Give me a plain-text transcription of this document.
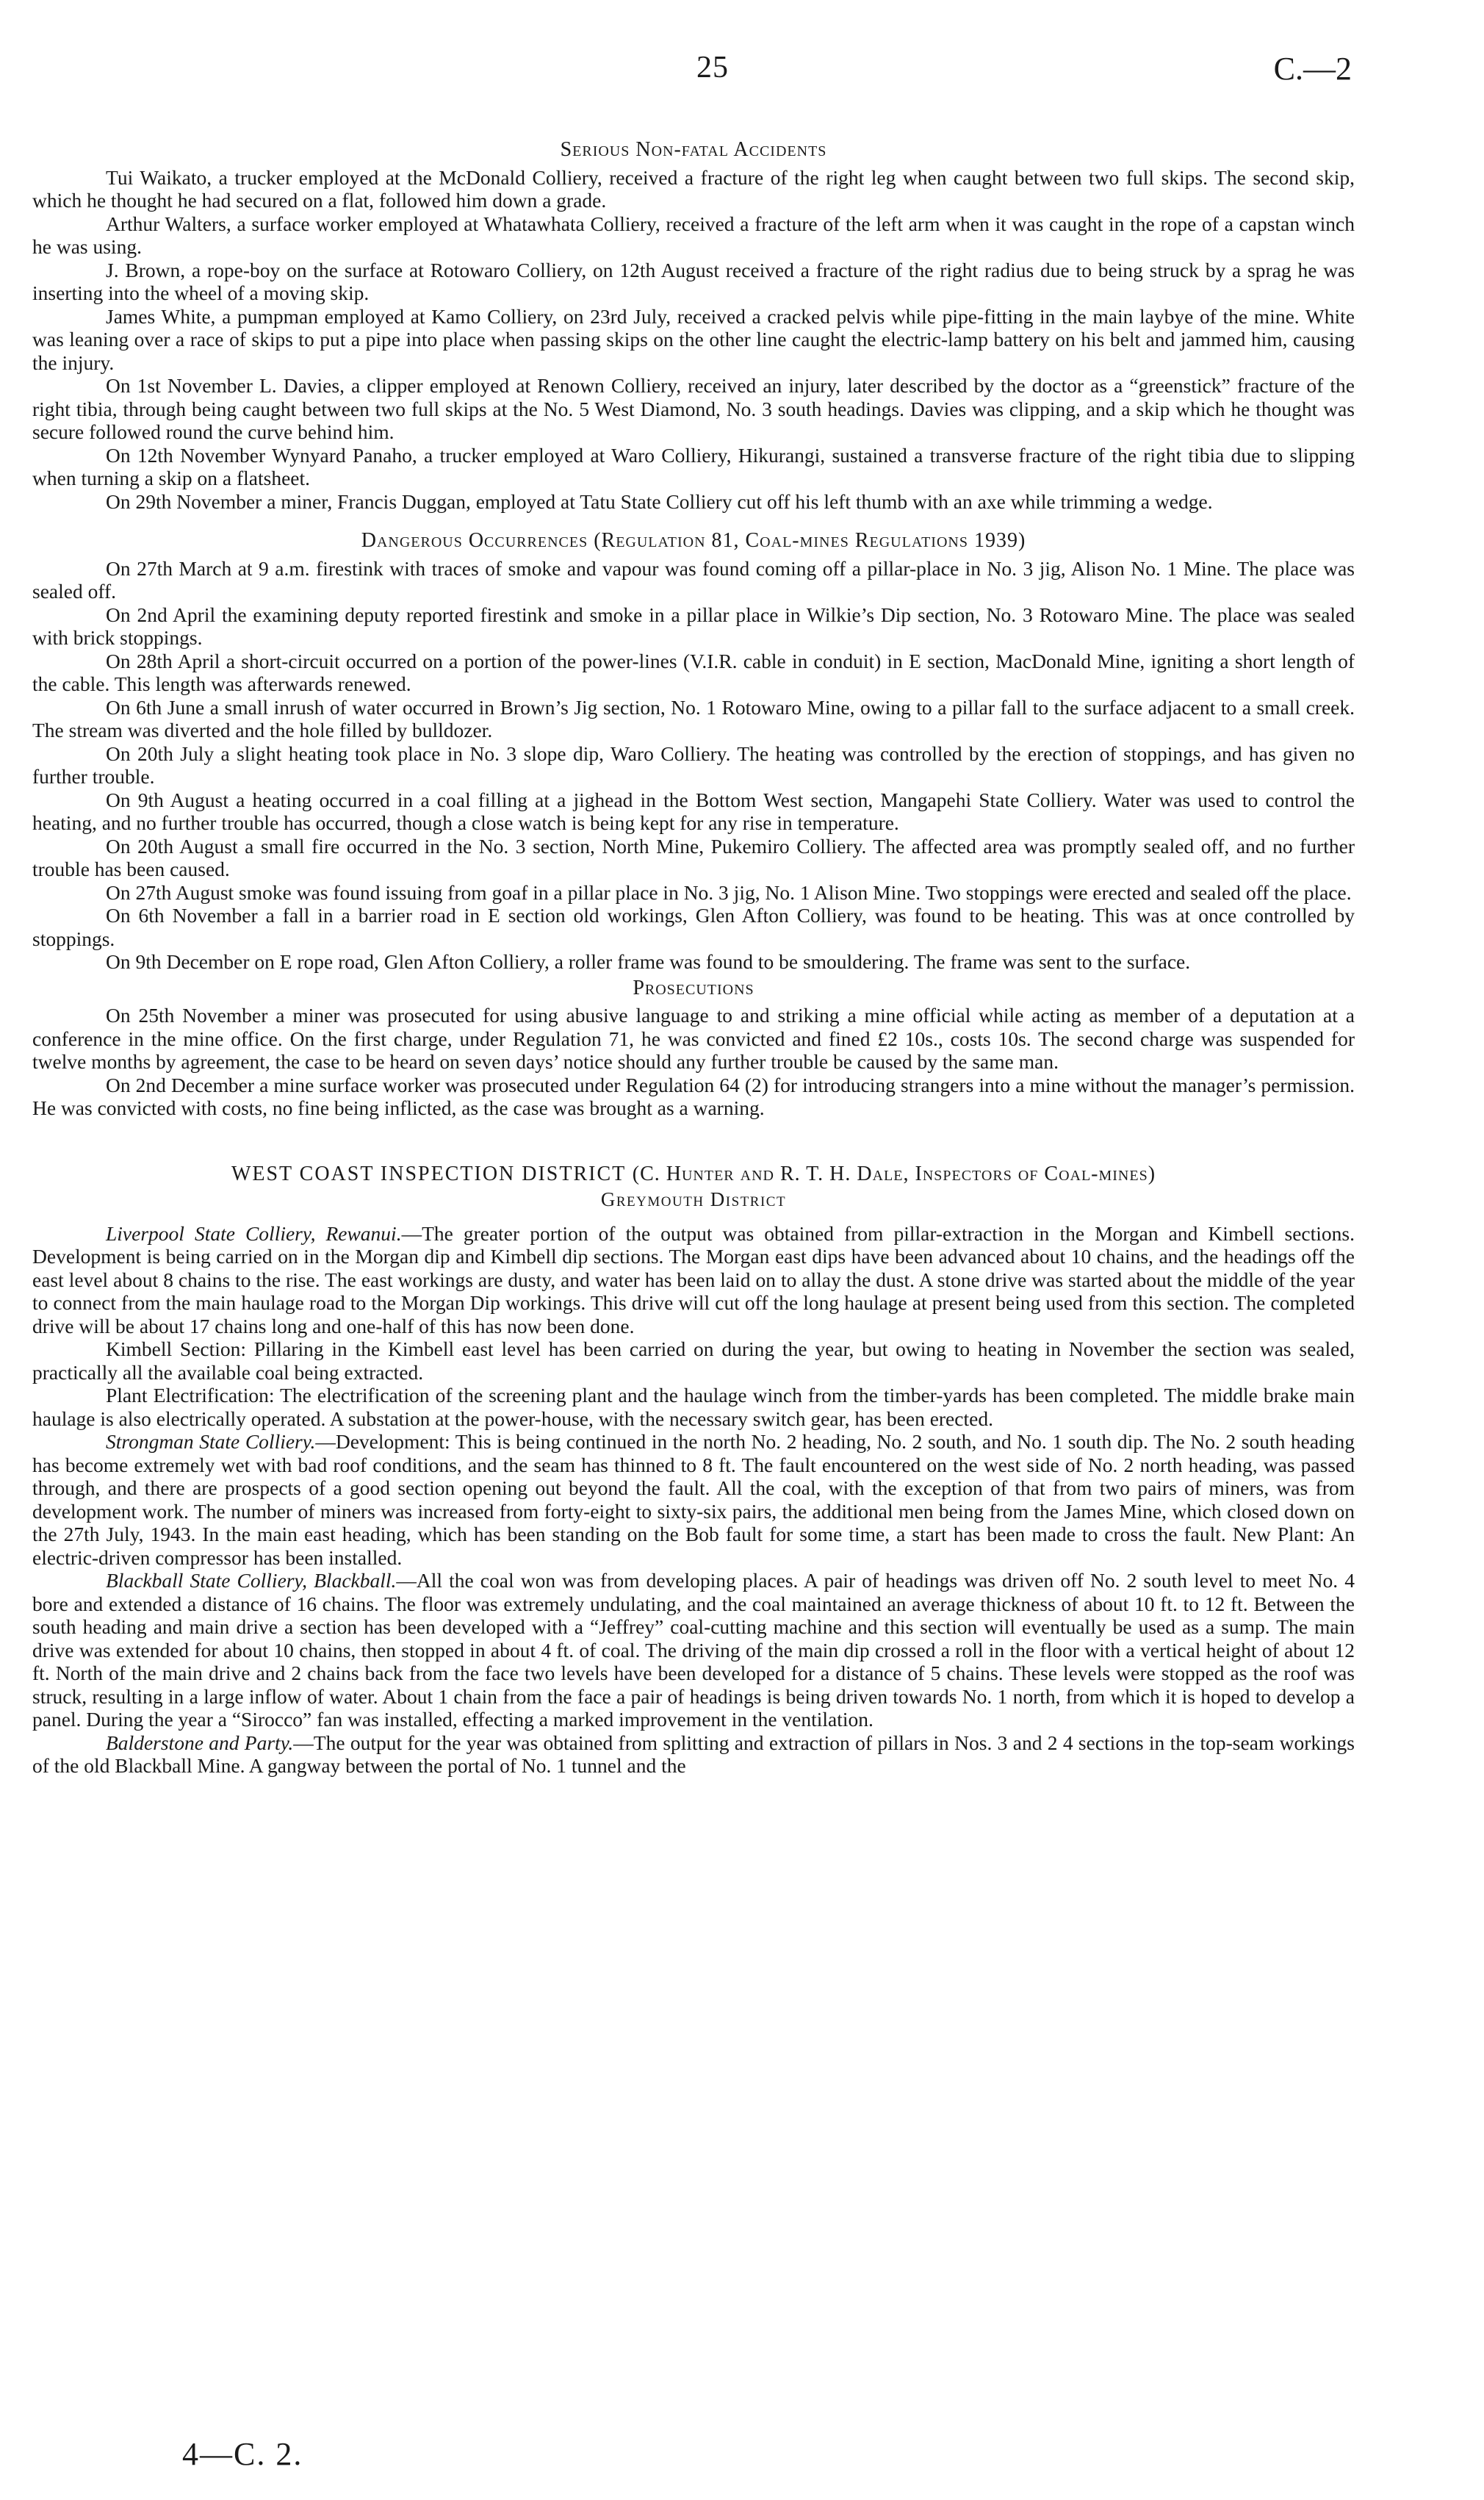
25	C.—2
Serious Non-fatal Accidents

Tui Waikato, a trucker employed at the McDonald Colliery, received a fracture of the right leg when caught between two full skips. The second skip, which he thought he had secured on a flat, followed him down a grade.

Arthur Walters, a surface worker employed at Whatawhata Colliery, received a fracture of the left arm when it was caught in the rope of a capstan winch he was using.

J. Brown, a rope-boy on the surface at Rotowaro Colliery, on 12th August received a fracture of the right radius due to being struck by a sprag he was inserting into the wheel of a moving skip.

James White, a pumpman employed at Kamo Colliery, on 23rd July, received a cracked pelvis while pipe-fitting in the main laybye of the mine. White was leaning over a race of skips to put a pipe into place when passing skips on the other line caught the electric-lamp battery on his belt and jammed him, causing the injury.

On 1st November L. Davies, a clipper employed at Renown Colliery, received an injury, later described by the doctor as a “greenstick” fracture of the right tibia, through being caught between two full skips at the No. 5 West Diamond, No. 3 south headings. Davies was clipping, and a skip which he thought was secure followed round the curve behind him.

On 12th November Wynyard Panaho, a trucker employed at Waro Colliery, Hikurangi, sustained a transverse fracture of the right tibia due to slipping when turning a skip on a flatsheet.

On 29th November a miner, Francis Duggan, employed at Tatu State Colliery cut off his left thumb with an axe while trimming a wedge.

Dangerous Occurrences (Regulation 81, Coal-mines Regulations 1939)

On 27th March at 9 a.m. firestink with traces of smoke and vapour was found coming off a pillar-place in No. 3 jig, Alison No. 1 Mine. The place was sealed off.

On 2nd April the examining deputy reported firestink and smoke in a pillar place in Wilkie’s Dip section, No. 3 Rotowaro Mine. The place was sealed with brick stoppings.

On 28th April a short-circuit occurred on a portion of the power-lines (V.I.R. cable in conduit) in E section, MacDonald Mine, igniting a short length of the cable. This length was afterwards renewed.

On 6th June a small inrush of water occurred in Brown’s Jig section, No. 1 Rotowaro Mine, owing to a pillar fall to the surface adjacent to a small creek. The stream was diverted and the hole filled by bulldozer.

On 20th July a slight heating took place in No. 3 slope dip, Waro Colliery. The heating was controlled by the erection of stoppings, and has given no further trouble.

On 9th August a heating occurred in a coal filling at a jighead in the Bottom West section, Mangapehi State Colliery. Water was used to control the heating, and no further trouble has occurred, though a close watch is being kept for any rise in temperature.

On 20th August a small fire occurred in the No. 3 section, North Mine, Pukemiro Colliery. The affected area was promptly sealed off, and no further trouble has been caused.

On 27th August smoke was found issuing from goaf in a pillar place in No. 3 jig, No. 1 Alison Mine. Two stoppings were erected and sealed off the place.

On 6th November a fall in a barrier road in E section old workings, Glen Afton Colliery, was found to be heating. This was at once controlled by stoppings.

On 9th December on E rope road, Glen Afton Colliery, a roller frame was found to be smouldering. The frame was sent to the surface.

Prosecutions

On 25th November a miner was prosecuted for using abusive language to and striking a mine official while acting as member of a deputation at a conference in the mine office. On the first charge, under Regulation 71, he was convicted and fined £2 10s., costs 10s. The second charge was suspended for twelve months by agreement, the case to be heard on seven days’ notice should any further trouble be caused by the same man.

On 2nd December a mine surface worker was prosecuted under Regulation 64 (2) for introducing strangers into a mine without the manager’s permission. He was convicted with costs, no fine being inflicted, as the case was brought as a warning.

WEST COAST INSPECTION DISTRICT (C. Hunter and R. T. H. Dale, Inspectors of Coal-mines)
Greymouth District

Liverpool State Colliery, Rewanui.—The greater portion of the output was obtained from pillar-extraction in the Morgan and Kimbell sections. Development is being carried on in the Morgan dip and Kimbell dip sections. The Morgan east dips have been advanced about 10 chains, and the headings off the east level about 8 chains to the rise. The east workings are dusty, and water has been laid on to allay the dust. A stone drive was started about the middle of the year to connect from the main haulage road to the Morgan Dip workings. This drive will cut off the long haulage at present being used from this section. The completed drive will be about 17 chains long and one-half of this has now been done.

Kimbell Section: Pillaring in the Kimbell east level has been carried on during the year, but owing to heating in November the section was sealed, practically all the available coal being extracted.

Plant Electrification: The electrification of the screening plant and the haulage winch from the timber-yards has been completed. The middle brake main haulage is also electrically operated. A substation at the power-house, with the necessary switch gear, has been erected.

Strongman State Colliery.—Development: This is being continued in the north No. 2 heading, No. 2 south, and No. 1 south dip. The No. 2 south heading has become extremely wet with bad roof conditions, and the seam has thinned to 8 ft. The fault encountered on the west side of No. 2 north heading, was passed through, and there are prospects of a good section opening out beyond the fault. All the coal, with the exception of that from two pairs of miners, was from development work. The number of miners was increased from forty-eight to sixty-six pairs, the additional men being from the James Mine, which closed down on the 27th July, 1943. In the main east heading, which has been standing on the Bob fault for some time, a start has been made to cross the fault. New Plant: An electric-driven compressor has been installed.

Blackball State Colliery, Blackball.—All the coal won was from developing places. A pair of headings was driven off No. 2 south level to meet No. 4 bore and extended a distance of 16 chains. The floor was extremely undulating, and the coal maintained an average thickness of about 10 ft. to 12 ft. Between the south heading and main drive a section has been developed with a “Jeffrey” coal-cutting machine and this section will eventually be used as a sump. The main drive was extended for about 10 chains, then stopped in about 4 ft. of coal. The driving of the main dip crossed a roll in the floor with a vertical height of about 12 ft. North of the main drive and 2 chains back from the face two levels have been developed for a distance of 5 chains. These levels were stopped as the roof was struck, resulting in a large inflow of water. About 1 chain from the face a pair of headings is being driven towards No. 1 north, from which it is hoped to develop a panel. During the year a “Sirocco” fan was installed, effecting a marked improvement in the ventilation.

Balderstone and Party.—The output for the year was obtained from splitting and extraction of pillars in Nos. 3 and 2 4 sections in the top-seam workings of the old Blackball Mine. A gangway between the portal of No. 1 tunnel and the

4—C. 2.
